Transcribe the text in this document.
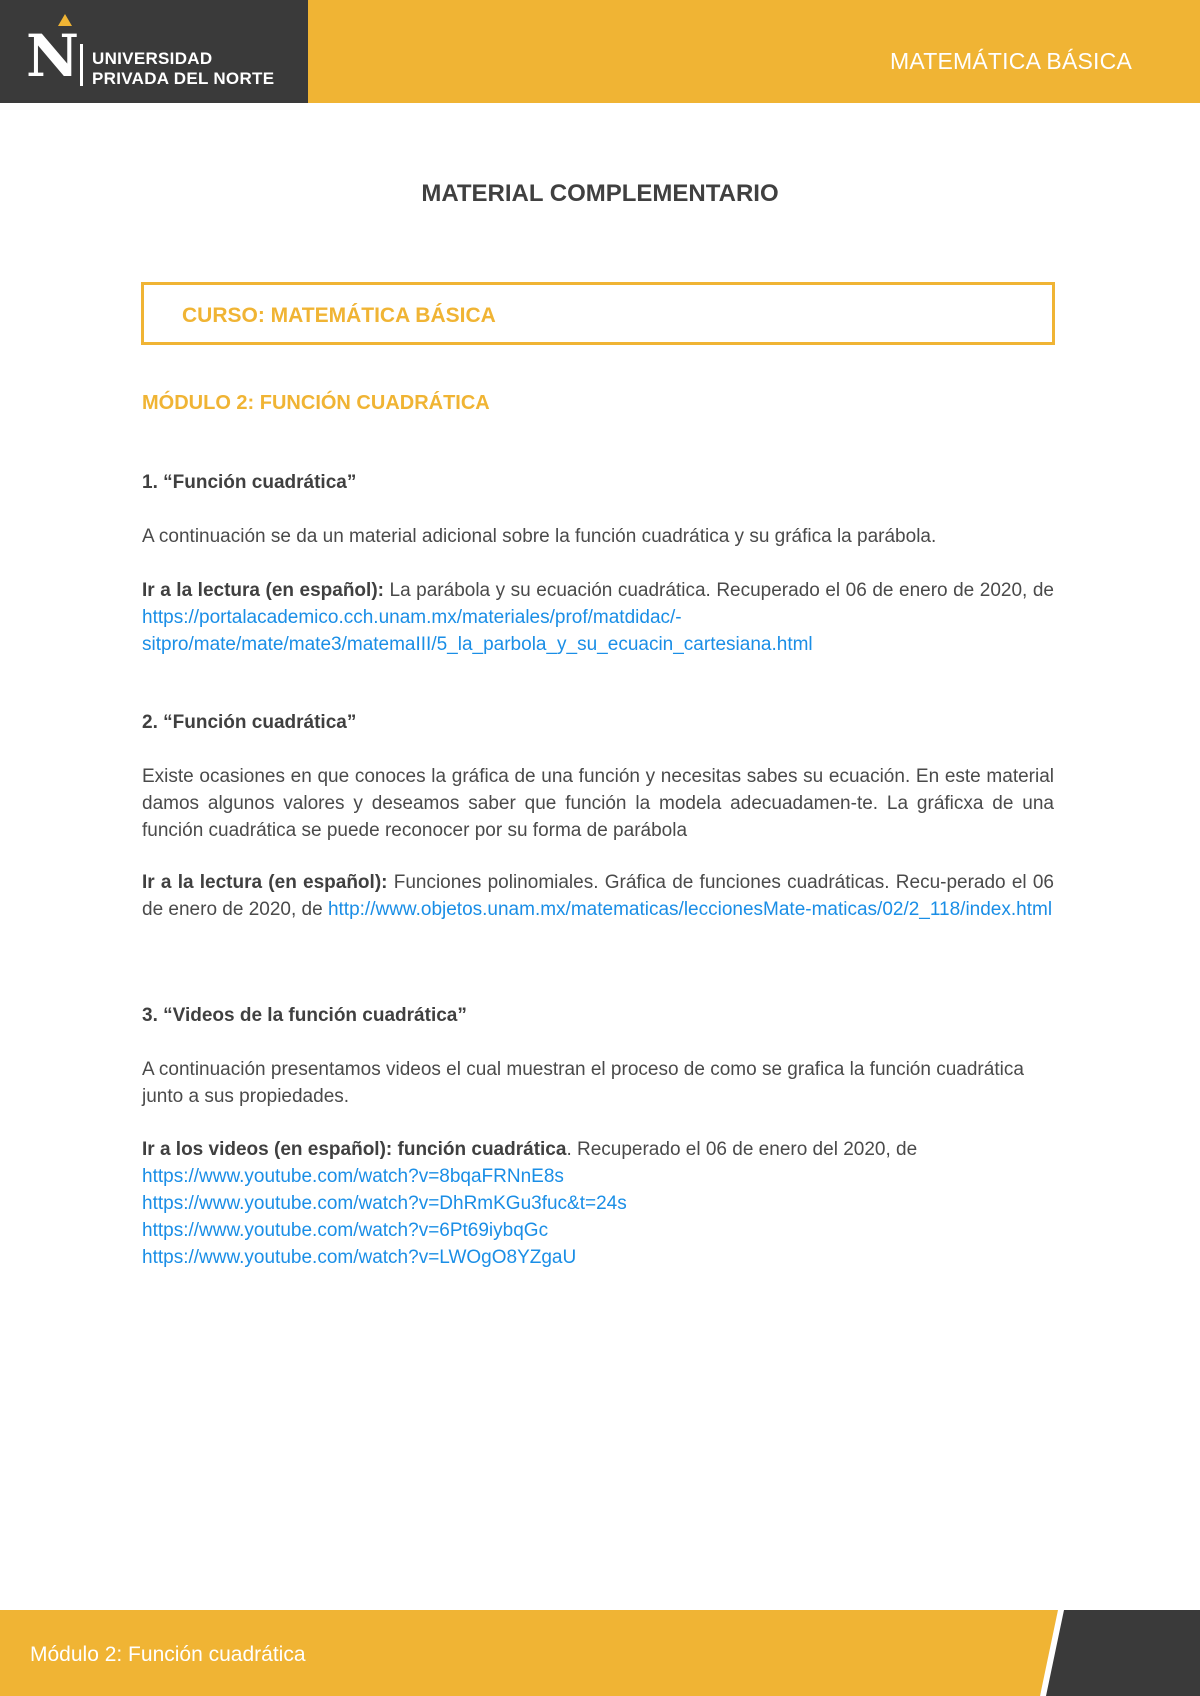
N UNIVERSIDAD
PRIVADA DEL NORTE
MATEMÁTICA BÁSICA
MATERIAL COMPLEMENTARIO
CURSO: MATEMÁTICA BÁSICA
MÓDULO 2: FUNCIÓN CUADRÁTICA
1. “Función cuadrática”
A continuación se da un material adicional sobre la función cuadrática y su gráfica la parábola.
Ir a la lectura (en español): La parábola y su ecuación cuadrática. Recuperado el 06 de enero de 2020, de https://portalacademico.cch.unam.mx/materiales/prof/matdidac/-sitpro/mate/mate/mate3/matemaIII/5_la_parbola_y_su_ecuacin_cartesiana.html
2. “Función cuadrática”
Existe ocasiones en que conoces la gráfica de una función y necesitas sabes su ecuación. En este material damos algunos valores y deseamos saber que función la modela adecuadamen-te. La gráficxa de una función cuadrática se puede reconocer por su forma de parábola
Ir a la lectura (en español): Funciones polinomiales. Gráfica de funciones cuadráticas. Recu-perado el 06 de enero de 2020, de http://www.objetos.unam.mx/matematicas/leccionesMate-maticas/02/2_118/index.html
3. “Videos de la función cuadrática”
A continuación presentamos videos el cual muestran el proceso de como se grafica la función cuadrática junto a sus propiedades.
Ir a los videos (en español): función cuadrática. Recuperado el 06 de enero del 2020, de
https://www.youtube.com/watch?v=8bqaFRNnE8s
https://www.youtube.com/watch?v=DhRmKGu3fuc&t=24s
https://www.youtube.com/watch?v=6Pt69iybqGc
https://www.youtube.com/watch?v=LWOgO8YZgaU
Módulo 2: Función cuadrática
